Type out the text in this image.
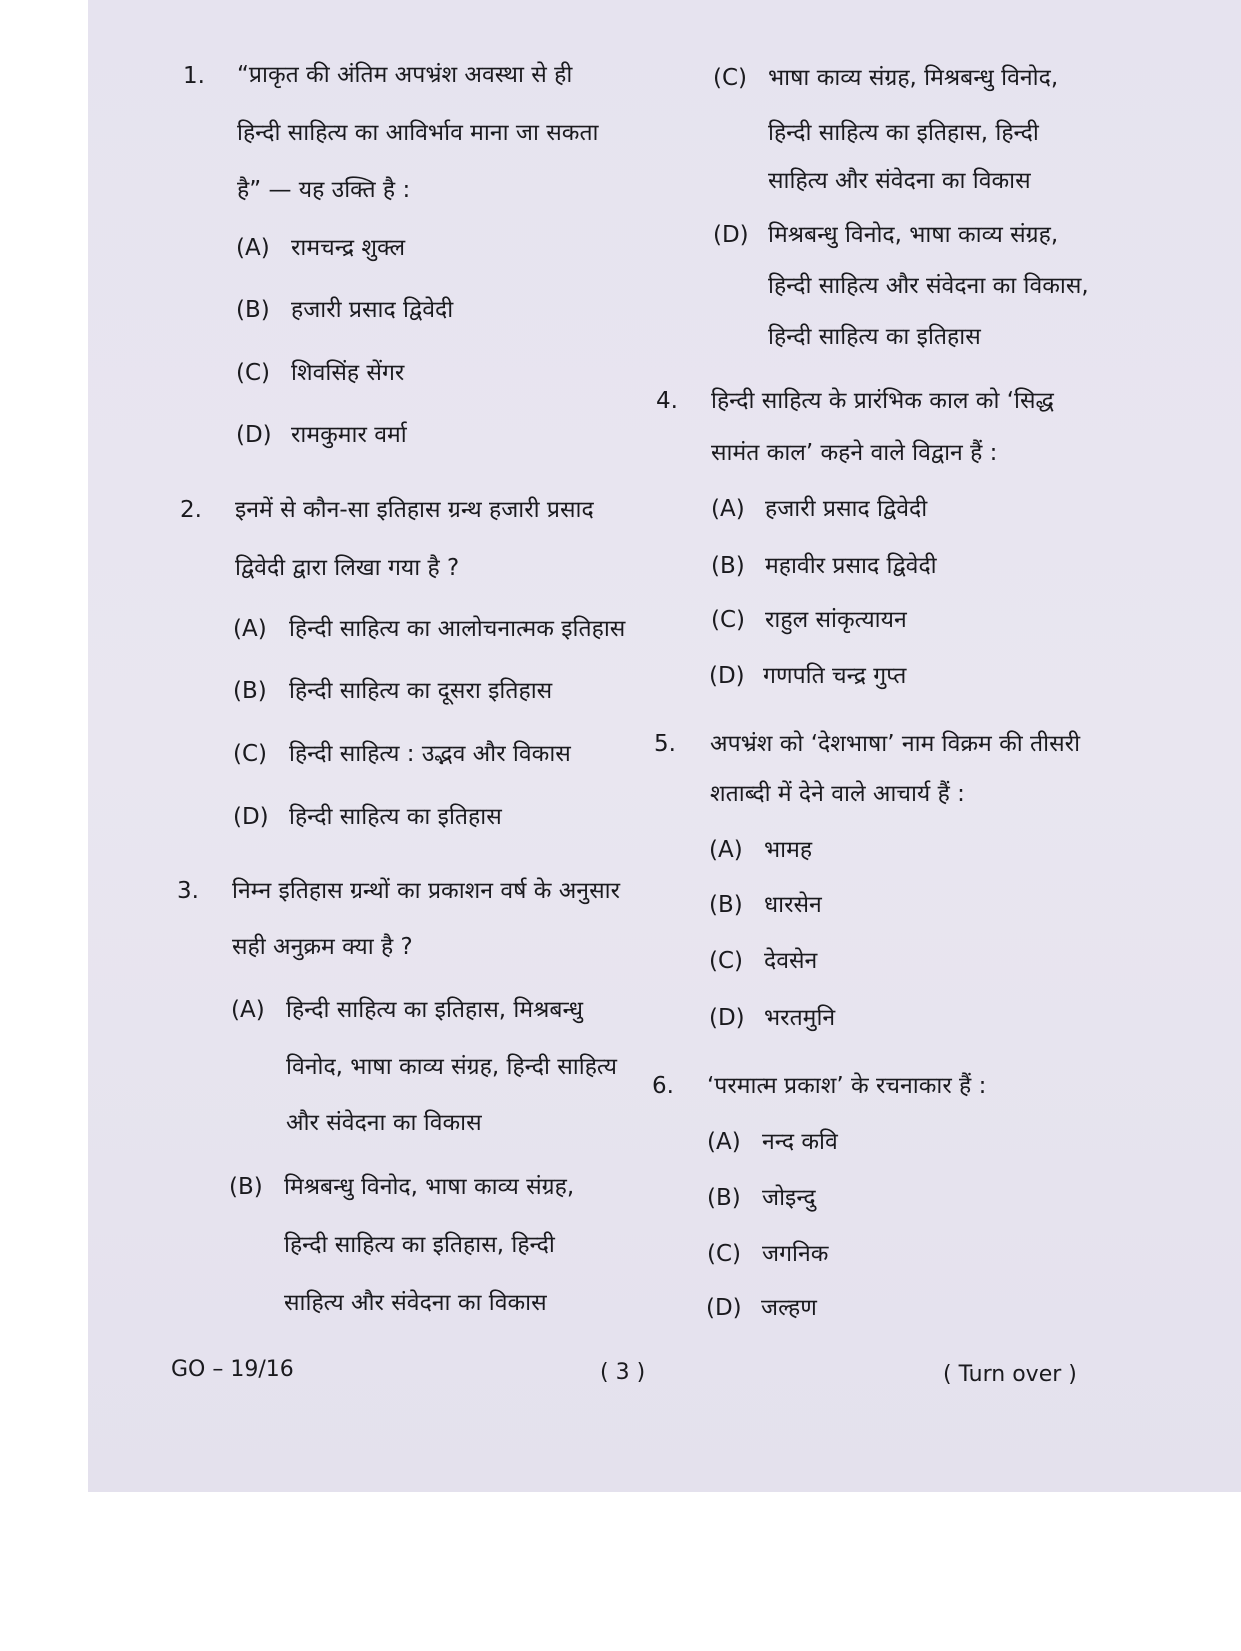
1. “प्राकृत की अंतिम अपभ्रंश अवस्था से ही
हिन्दी साहित्य का आविर्भाव माना जा सकता
है” — यह उक्ति है :
(A) रामचन्द्र शुक्ल
(B) हजारी प्रसाद द्विवेदी
(C) शिवसिंह सेंगर
(D) रामकुमार वर्मा
2. इनमें से कौन-सा इतिहास ग्रन्थ हजारी प्रसाद
द्विवेदी द्वारा लिखा गया है ?
(A) हिन्दी साहित्य का आलोचनात्मक इतिहास
(B) हिन्दी साहित्य का दूसरा इतिहास
(C) हिन्दी साहित्य : उद्भव और विकास
(D) हिन्दी साहित्य का इतिहास
3. निम्न इतिहास ग्रन्थों का प्रकाशन वर्ष के अनुसार
सही अनुक्रम क्या है ?
(A) हिन्दी साहित्य का इतिहास, मिश्रबन्धु
विनोद, भाषा काव्य संग्रह, हिन्दी साहित्य
और संवेदना का विकास
(B) मिश्रबन्धु विनोद, भाषा काव्य संग्रह,
हिन्दी साहित्य का इतिहास, हिन्दी
साहित्य और संवेदना का विकास
(C) भाषा काव्य संग्रह, मिश्रबन्धु विनोद,
हिन्दी साहित्य का इतिहास, हिन्दी
साहित्य और संवेदना का विकास
(D) मिश्रबन्धु विनोद, भाषा काव्य संग्रह,
हिन्दी साहित्य और संवेदना का विकास,
हिन्दी साहित्य का इतिहास
4. हिन्दी साहित्य के प्रारंभिक काल को ‘सिद्ध
सामंत काल’ कहने वाले विद्वान हैं :
(A) हजारी प्रसाद द्विवेदी
(B) महावीर प्रसाद द्विवेदी
(C) राहुल सांकृत्यायन
(D) गणपति चन्द्र गुप्त
5. अपभ्रंश को ‘देशभाषा’ नाम विक्रम की तीसरी
शताब्दी में देने वाले आचार्य हैं :
(A) भामह
(B) धारसेन
(C) देवसेन
(D) भरतमुनि
6. ‘परमात्म प्रकाश’ के रचनाकार हैं :
(A) नन्द कवि
(B) जोइन्दु
(C) जगनिक
(D) जल्हण
GO – 19/16	( 3 )	( Turn over )
